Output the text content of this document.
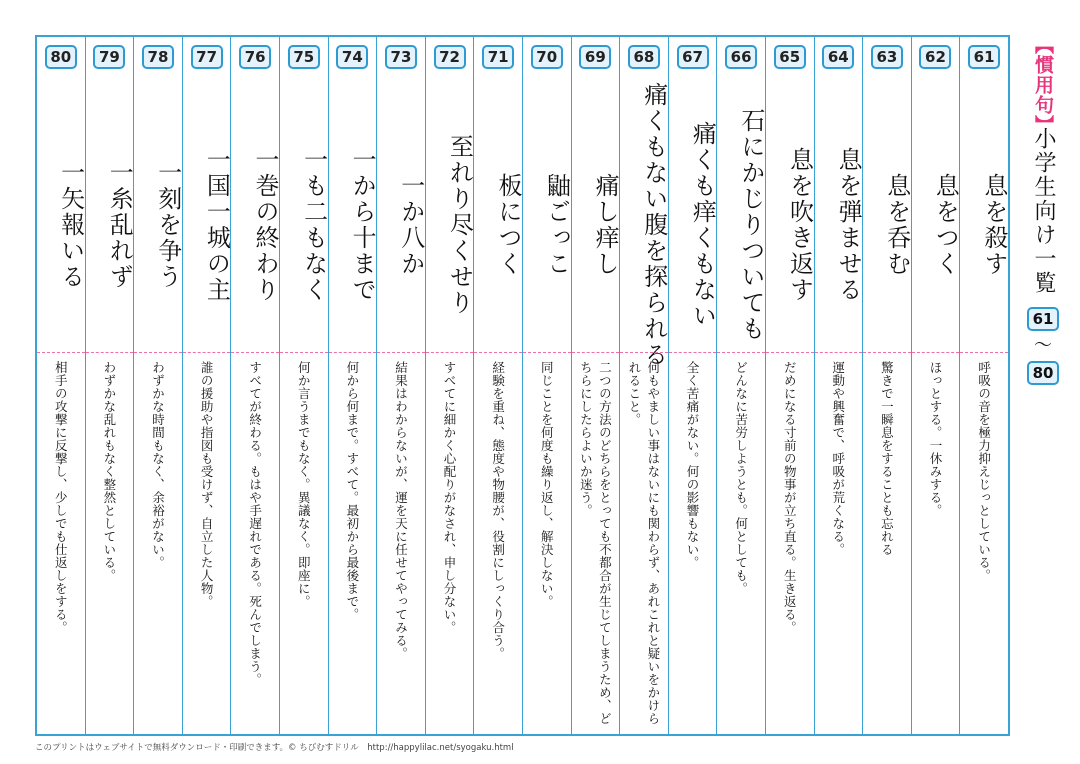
80
一矢報いる
相手の攻撃に反撃し、少しでも仕返しをする。
79
一糸乱れず
わずかな乱れもなく整然としている。
78
一刻を争う
わずかな時間もなく、余裕がない。
77
一国一城の主
誰の援助や指図も受けず、自立した人物。
76
一巻の終わり
すべてが終わる。もはや手遅れである。死んでしまう。
75
一も二もなく
何か言うまでもなく。異議なく。即座に。
74
一から十まで
何から何まで。すべて。最初から最後まで。
73
一か八か
結果はわからないが、運を天に任せてやってみる。
72
至れり尽くせり
すべてに細かく心配りがなされ、申し分ない。
71
板につく
経験を重ね、態度や物腰が、役割にしっくり合う。
70
鼬ごっこ
同じことを何度も繰り返し、解決しない。
69
痛し痒し
二つの方法のどちらをとっても不都合が生じてしまうため、どちらにしたらよいか迷う。
68
痛くもない腹を探られる
何もやましい事はないにも関わらず、あれこれと疑いをかけられること。
67
痛くも痒くもない
全く苦痛がない。何の影響もない。
66
石にかじりついても
どんなに苦労しようとも。何としても。
65
息を吹き返す
だめになる寸前の物事が立ち直る。生き返る。
64
息を弾ませる
運動や興奮で、呼吸が荒くなる。
63
息を呑む
驚きで一瞬息をすることも忘れる
62
息をつく
ほっとする。一休みする。
61
息を殺す
呼吸の音を極力抑えじっとしている。
【慣用句】
小学生向け一覧
61
～
80
このプリントはウェブサイトで無料ダウンロード・印刷できます。© ちびむすドリル　http://happylilac.net/syogaku.html
